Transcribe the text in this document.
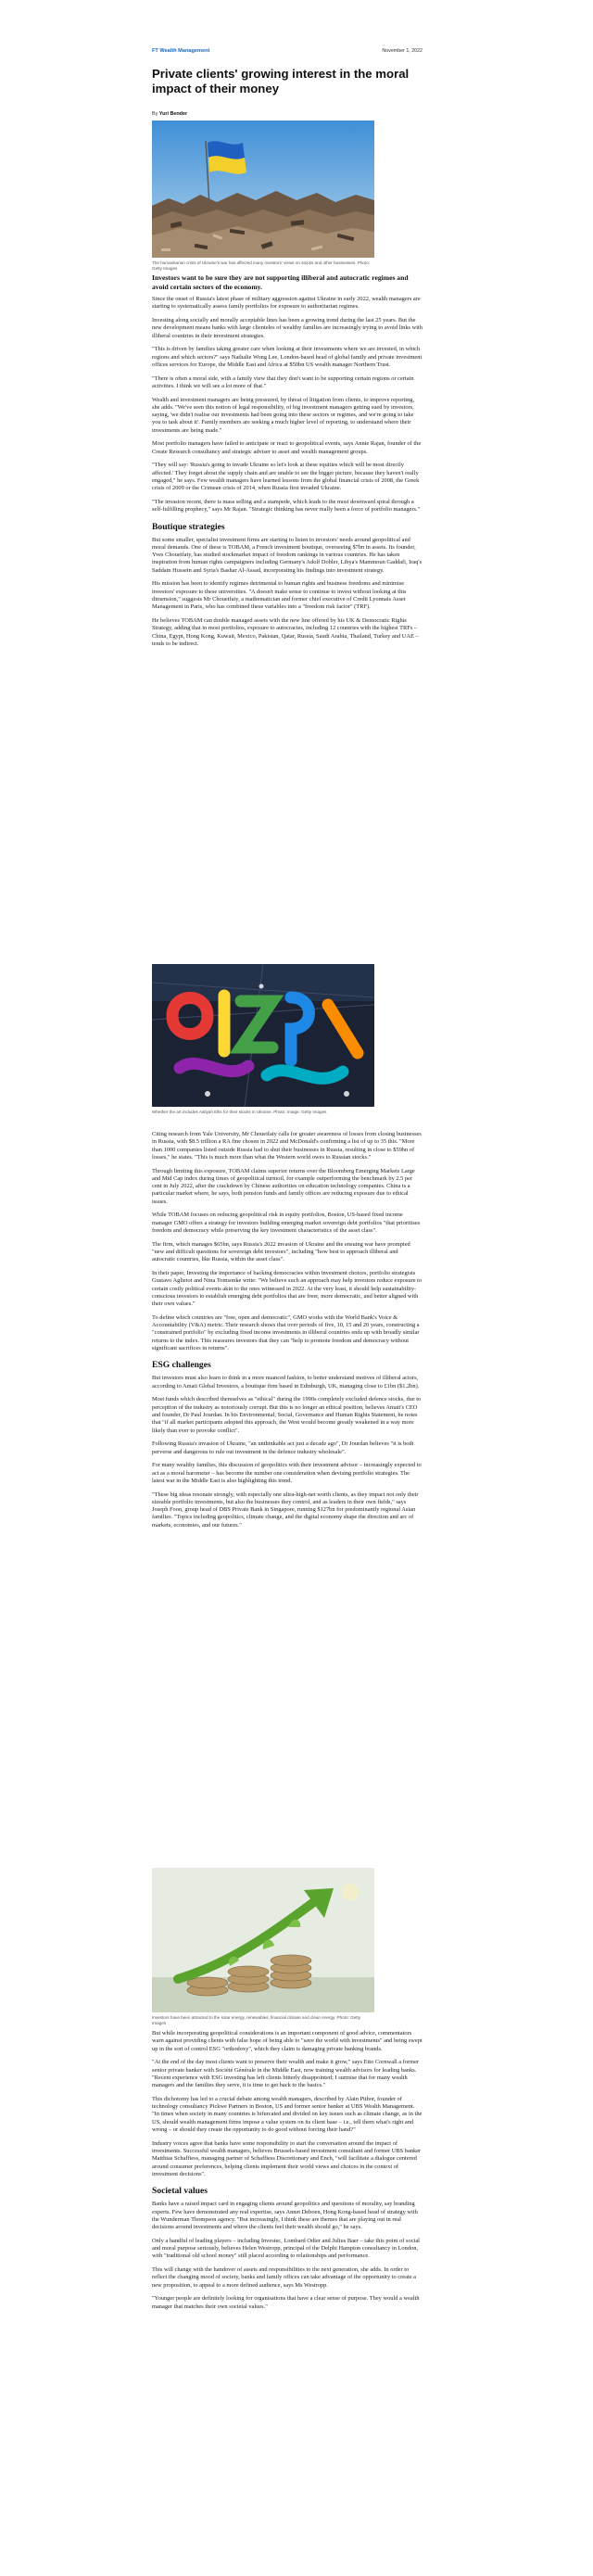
FT Wealth Management	November 1, 2022
Private clients' growing interest in the moral impact of their money
By Yuri Bender
The humanitarian crisis of Ukraine's war has affected many investors' views on stocks and other businesses. Photo: Getty Images

Investors want to be sure they are not supporting illiberal and autocratic regimes and avoid certain sectors of the economy.

Since the onset of Russia's latest phase of military aggression against Ukraine in early 2022, wealth managers are starting to systematically assess family portfolios for exposure to authoritarian regimes.

Investing along socially and morally acceptable lines has been a growing trend during the last 25 years. But the new development means banks with large clienteles of wealthy families are increasingly trying to avoid links with illiberal countries in their investment strategies.

"This is driven by families taking greater care when looking at their investments where we are invested, in which regions and which sectors?" says Nathalie Wong Lee, London-based head of global family and private investment offices services for Europe, the Middle East and Africa at $50bn US wealth manager Northern Trust.

"There is often a moral side, with a family view that they don't want to be supporting certain regions or certain activities. I think we will see a lot more of that."

Wealth and investment managers are being pressured, by threat of litigation from clients, to improve reporting, she adds. "We've seen this notion of legal responsibility, of big investment managers getting sued by investors, saying, 'we didn't realise our investments had been going into these sectors or regimes, and we're going to take you to task about it'. Family members are seeking a much higher level of reporting, to understand where their investments are being made."

Most portfolio managers have failed to anticipate or react to geopolitical events, says Annie Rajan, founder of the Create Research consultancy and strategic adviser to asset and wealth management groups.

"They will say: 'Russia's going to invade Ukraine so let's look at these equities which will be most directly affected.' They forget about the supply chain and are unable to see the bigger picture, because they haven't really engaged," he says. Few wealth managers have learned lessons from the global financial crisis of 2008, the Greek crisis of 2009 or the Crimean crisis of 2014, when Russia first invaded Ukraine.

"The invasion recent, there is mass selling and a stampede, which leads to the most downward spiral through a self-fulfilling prophecy," says Mr Rajan. "Strategic thinking has never really been a force of portfolio managers."

Boutique strategies

But some smaller, specialist investment firms are starting to listen to investors' needs around geopolitical and moral demands. One of these is TOBAM, a French investment boutique, overseeing $7bn in assets. Its founder, Yves Choueifaty, has studied stockmarket impact of freedom rankings in various countries. He has taken inspiration from human rights campaigners including Germany's Adolf Dobler, Libya's Mammoun Gaddafi, Iraq's Saddam Hussein and Syria's Bashar Al-Assad, incorporating his findings into investment strategy.

His mission has been to identify regimes detrimental to human rights and business freedoms and minimise investors' exposure to these universities. "A doesn't make sense to continue to invest without looking at this dimension," suggests Mr Choueifaty, a mathematician and former chief executive of Credit Lyonnais Asset Management in Paris, who has combined these variables into a "freedom risk factor" (TRF).

He believes TOBAM can double managed assets with the new line offered by his UK & Democratic Rights Strategy, adding that in most portfolios, exposure to autocracies, including 12 countries with the highest TRFs – China, Egypt, Hong Kong, Kuwait, Mexico, Pakistan, Qatar, Russia, Saudi Arabia, Thailand, Turkey and UAE – tends to be indirect.

Whether the art includes Aaliyah Ellis for their stocks in Ukraine. Photo: Image: Getty Images

Citing research from Yale University, Mr Choueifaty calls for greater awareness of losses from closing businesses in Russia, with $8.5 trillion a RA fine chosen in 2022 and McDonald's confirming a list of up to 35 this. "More than 1000 companies listed outside Russia had to shut their businesses in Russia, resulting in close to $59bn of losses," he states. "This is much more than what the Western world owes to Russian stocks."

Through limiting this exposure, TOBAM claims superior returns over the Bloomberg Emerging Markets Large and Mid Cap index during times of geopolitical turmoil, for example outperforming the benchmark by 2.5 per cent in July 2022, after the crackdown by Chinese authorities on education technology companies. China is a particular market where, he says, both pension funds and family offices are reducing exposure due to ethical issues.

While TOBAM focuses on reducing geopolitical risk in equity portfolios, Boston, US-based fixed income manager GMO offers a strategy for investors building emerging market sovereign debt portfolios "that prioritises freedom and democracy while preserving the key investment characteristics of the asset class".

The firm, which manages $65bn, says Russia's 2022 invasion of Ukraine and the ensuing war have prompted "new and difficult questions for sovereign debt investors", including "how best to approach illiberal and autocratic countries, like Russia, within the asset class".

In their paper, Investing the importance of backing democracies within investment choices, portfolio strategists Gustavo Aglietot and Nina Tomsonke write: "We believe such an approach may help investors reduce exposure to certain costly political events akin to the ones witnessed in 2022. At the very least, it should help sustainability-conscious investors to establish emerging debt portfolios that are freer, more democratic, and better aligned with their own values."

To define which countries are "free, open and democratic", GMO works with the World Bank's Voice & Accountability (V&A) metric. Their research shows that over periods of five, 10, 15 and 20 years, constructing a "constrained portfolio" by excluding fixed income investments in illiberal countries ends up with broadly similar returns to the index. This reassures investors that they can "help to promote freedom and democracy without significant sacrifices in returns".

ESG challenges

But investors must also learn to think in a more nuanced fashion, to better understand motives of illiberal actors, according to Amati Global Investors, a boutique firm based in Edinburgh, UK, managing close to £1bn ($1.2bn).

Most funds which described themselves as "ethical" during the 1990s completely excluded defence stocks, due to perception of the industry as notoriously corrupt. But this is no longer an ethical position, believes Amati's CEO and founder, Dr Paul Jourdan. In his Environmental, Social, Governance and Human Rights Statement, he notes that "if all market participants adopted this approach, the West would become greatly weakened in a way more likely than ever to provoke conflict".

Following Russia's invasion of Ukraine, "an unthinkable act just a decade ago", Dr Jourdan believes "it is both perverse and dangerous to rule out investment in the defence industry wholesale".

For many wealthy families, this discussion of geopolitics with their investment advisor – increasingly expected to act as a moral barometer – has become the number one consideration when devising portfolio strategies. The latest war in the Middle East is also highlighting this trend.

"These big ideas resonate strongly, with especially one ultra-high-net worth clients, as they impact not only their sizeable portfolio investments, but also the businesses they control, and as leaders in their own fields," says Joseph Foon, group head of DBS Private Bank in Singapore, running $127bn for predominantly regional Asian families. "Topics including geopolitics, climate change, and the digital economy shape the direction and arc of markets, economies, and our futures."

Investors have been attracted to the solar energy, renewables, financial climate and clean energy. Photo: Getty Images

But while incorporating geopolitical considerations is an important component of good advice, commentators warn against providing clients with false hope of being able to "save the world with investments" and being swept up in the sort of control ESG "orthodoxy", which they claim is damaging private banking brands.

"At the end of the day most clients want to preserve their wealth and make it grow," says Etto Cornwall a former senior private banker with Société Générale in the Middle East, now training wealth advisors for leading banks. "Recent experience with ESG investing has left clients bitterly disappointed; I surmise that for many wealth managers and the families they serve, it is time to get back to the basics."

This dichotomy has led to a crucial debate among wealth managers, described by Alain Pithor, founder of technology consultancy Pickwe Partners in Boston, US and former senior banker at UBS Wealth Management. "In times when society in many countries is bifurcated and divided on key issues such as climate change, as in the US, should wealth management firms impose a value system on its client base – i.e., tell them what's right and wrong – or should they create the opportunity to do good without forcing their hand?"

Industry voices agree that banks have some responsibility to start the conversation around the impact of investments. Successful wealth managers, believes Brussels-based investment consultant and former UBS banker Matthias Schaffiess, managing partner of Schaffiess Discretionary and Ench, "will facilitate a dialogue centered around consumer preferences, helping clients implement their world views and choices in the context of investment decisions".

Societal values

Banks have a raised impact card in engaging clients around geopolitics and questions of morality, say branding experts. Few have demonstrated any real expertise, says Annet Deboen, Hong Kong-based head of strategy with the Wunderman Thompson agency. "But increasingly, I think these are themes that are playing out in real decisions around investments and where the clients feel their wealth should go," he says.

Only a handful of leading players – including Investec, Lombard Odier and Julius Baer – take this point of social and moral purpose seriously, believes Helen Westropp, principal of the Delphi Hampton consultancy in London, with "traditional old school money" still placed according to relationships and performance.

This will change with the handover of assets and responsibilities to the next generation, she adds. In order to reflect the changing mood of society, banks and family offices can take advantage of the opportunity to create a new proposition, to appeal to a more defined audience, says Ms Westropp.

"Younger people are definitely looking for organisations that have a clear sense of purpose. They would a wealth manager that matches their own societal values."
